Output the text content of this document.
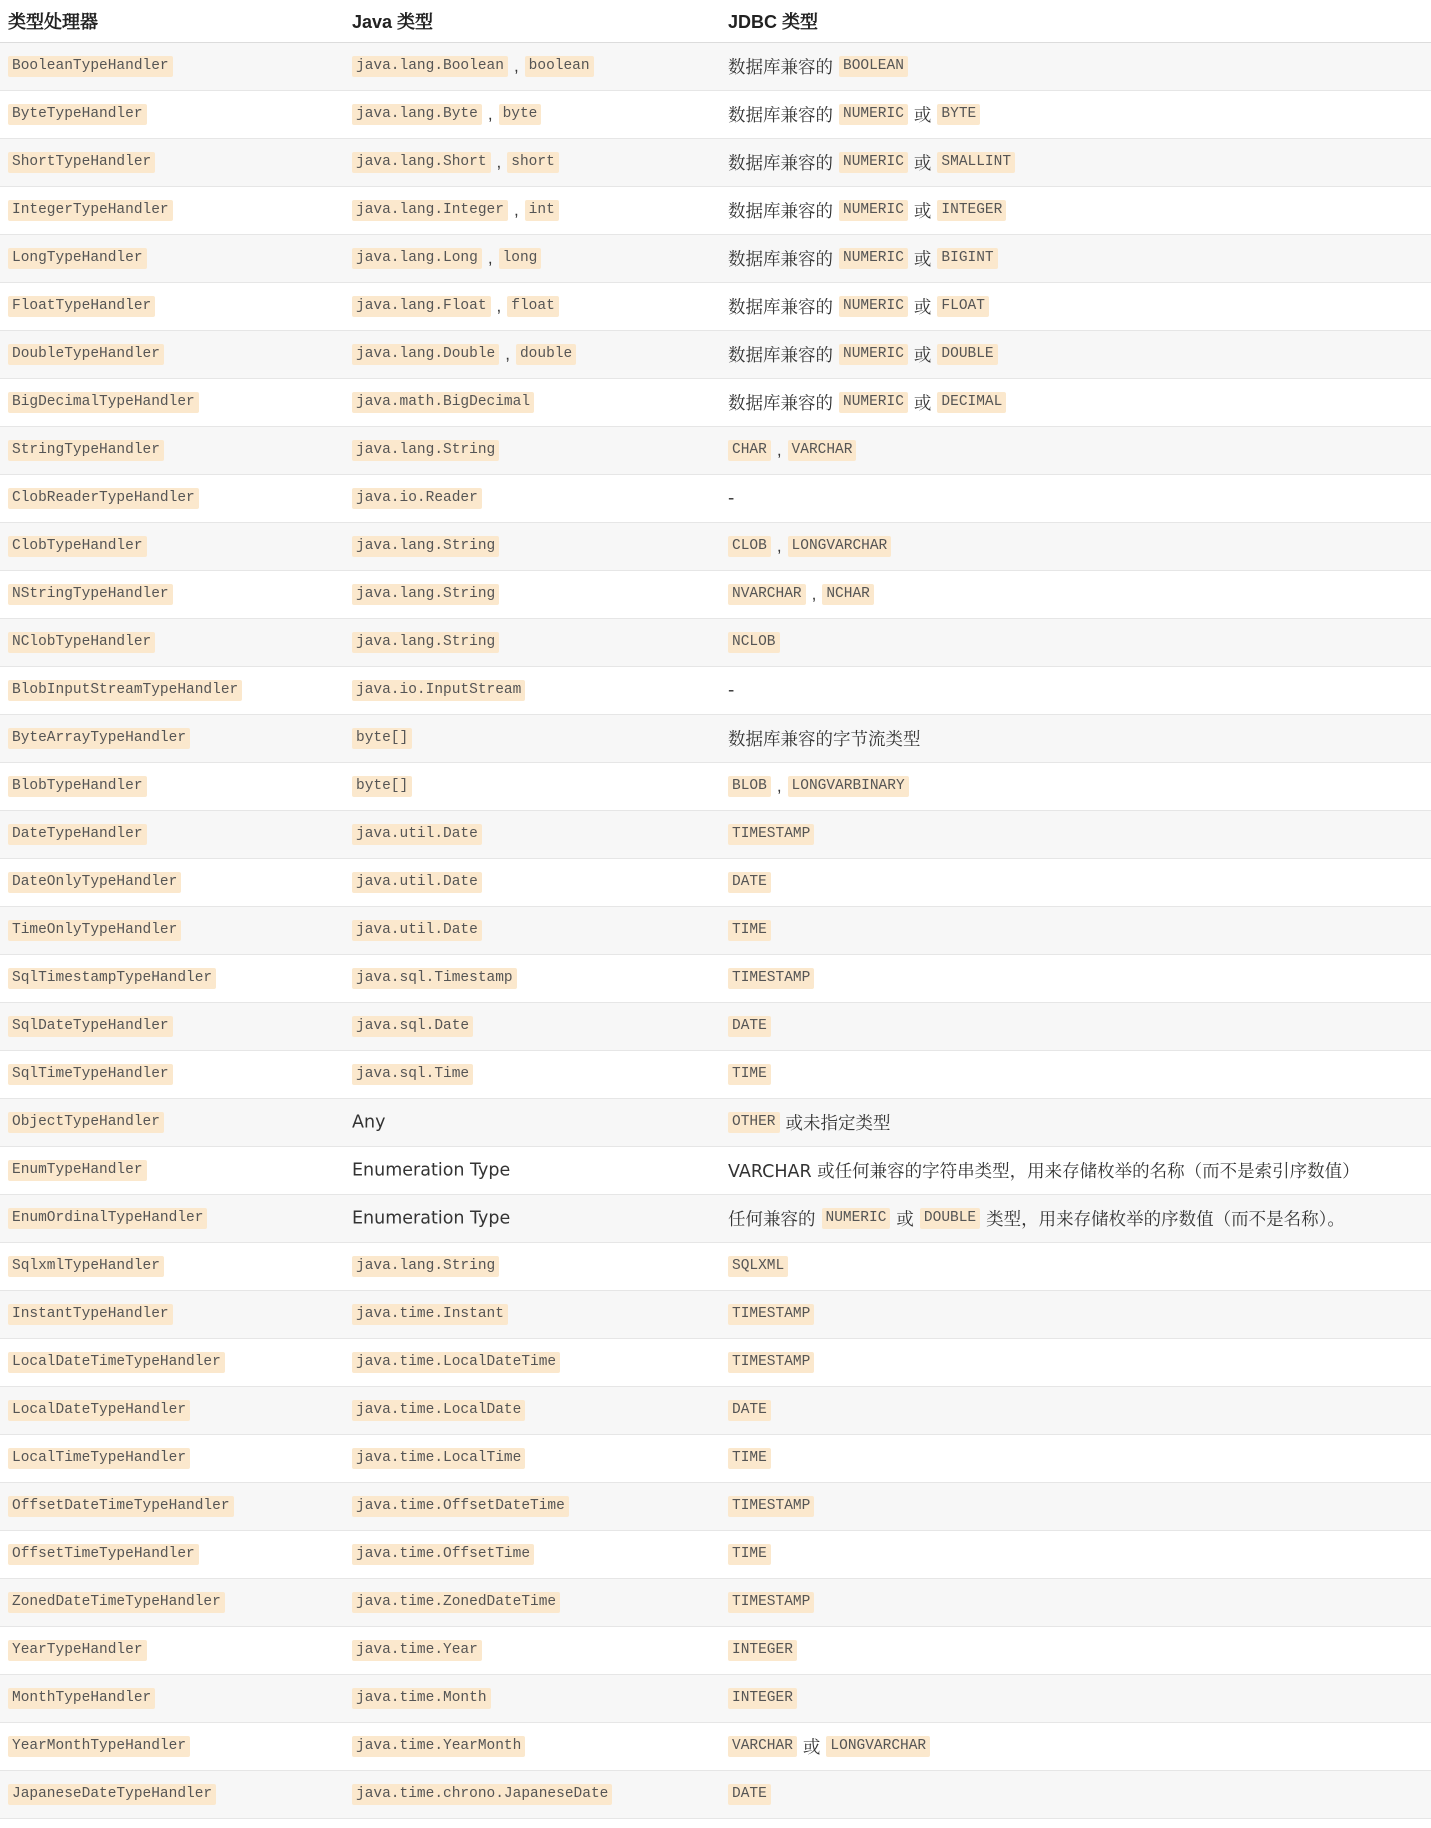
类型处理器	Java 类型	JDBC 类型
BooleanTypeHandler	java.lang.Boolean , boolean	数据库兼容的 BOOLEAN
ByteTypeHandler	java.lang.Byte , byte	数据库兼容的 NUMERIC 或 BYTE
ShortTypeHandler	java.lang.Short , short	数据库兼容的 NUMERIC 或 SMALLINT
IntegerTypeHandler	java.lang.Integer , int	数据库兼容的 NUMERIC 或 INTEGER
LongTypeHandler	java.lang.Long , long	数据库兼容的 NUMERIC 或 BIGINT
FloatTypeHandler	java.lang.Float , float	数据库兼容的 NUMERIC 或 FLOAT
DoubleTypeHandler	java.lang.Double , double	数据库兼容的 NUMERIC 或 DOUBLE
BigDecimalTypeHandler	java.math.BigDecimal	数据库兼容的 NUMERIC 或 DECIMAL
StringTypeHandler	java.lang.String	CHAR , VARCHAR
ClobReaderTypeHandler	java.io.Reader	-
ClobTypeHandler	java.lang.String	CLOB , LONGVARCHAR
NStringTypeHandler	java.lang.String	NVARCHAR , NCHAR
NClobTypeHandler	java.lang.String	NCLOB
BlobInputStreamTypeHandler	java.io.InputStream	-
ByteArrayTypeHandler	byte[]	数据库兼容的字节流类型
BlobTypeHandler	byte[]	BLOB , LONGVARBINARY
DateTypeHandler	java.util.Date	TIMESTAMP
DateOnlyTypeHandler	java.util.Date	DATE
TimeOnlyTypeHandler	java.util.Date	TIME
SqlTimestampTypeHandler	java.sql.Timestamp	TIMESTAMP
SqlDateTypeHandler	java.sql.Date	DATE
SqlTimeTypeHandler	java.sql.Time	TIME
ObjectTypeHandler	Any	OTHER 或未指定类型
EnumTypeHandler	Enumeration Type	VARCHAR 或任何兼容的字符串类型，用来存储枚举的名称（而不是索引序数值）
EnumOrdinalTypeHandler	Enumeration Type	任何兼容的 NUMERIC 或 DOUBLE 类型，用来存储枚举的序数值（而不是名称）。
SqlxmlTypeHandler	java.lang.String	SQLXML
InstantTypeHandler	java.time.Instant	TIMESTAMP
LocalDateTimeTypeHandler	java.time.LocalDateTime	TIMESTAMP
LocalDateTypeHandler	java.time.LocalDate	DATE
LocalTimeTypeHandler	java.time.LocalTime	TIME
OffsetDateTimeTypeHandler	java.time.OffsetDateTime	TIMESTAMP
OffsetTimeTypeHandler	java.time.OffsetTime	TIME
ZonedDateTimeTypeHandler	java.time.ZonedDateTime	TIMESTAMP
YearTypeHandler	java.time.Year	INTEGER
MonthTypeHandler	java.time.Month	INTEGER
YearMonthTypeHandler	java.time.YearMonth	VARCHAR 或 LONGVARCHAR
JapaneseDateTypeHandler	java.time.chrono.JapaneseDate	DATE
